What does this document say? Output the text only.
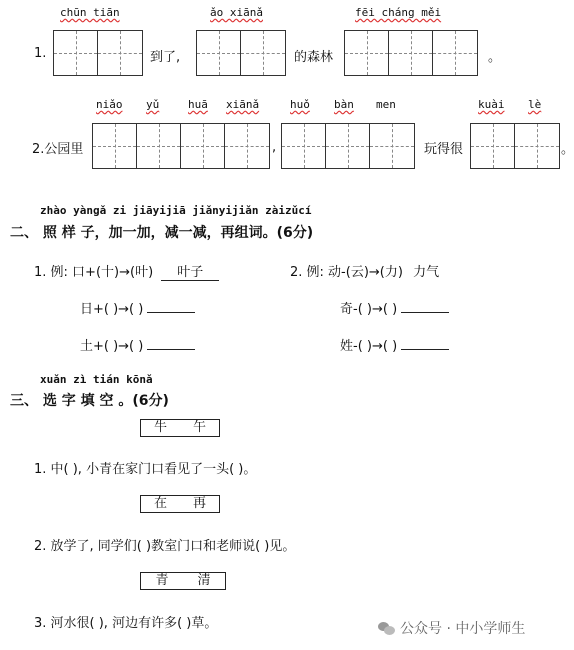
chūn tiān	ǎo xiānǎ	fēi cháng měi
1.	到了,	的森林	。
niǎo yǔ	huā xiānǎ	huǒ bàn men	kuài lè
2.公园里	,	玩得很	。
zhào yàngǎ zi jiāyijiā jiǎnyijiǎn zàizǔcí
二、 照 样 子，加一加，减一减，再组词。(6分)
1. 例: 口+(十)→(叶) 叶子	2. 例: 动-(云)→(力) 力气
日+( )→( )	奇-( )→( )
土+( )→( )	姓-( )→( )
xuǎn zì tián kōnǎ
三、 选 字 填 空 。(6分)
牛 午
1. 中( ), 小青在家门口看见了一头( )。
在 再
2. 放学了, 同学们( )教室门口和老师说( )见。
青 清
3. 河水很( ), 河边有许多( )草。	公众号 · 中小学师生
